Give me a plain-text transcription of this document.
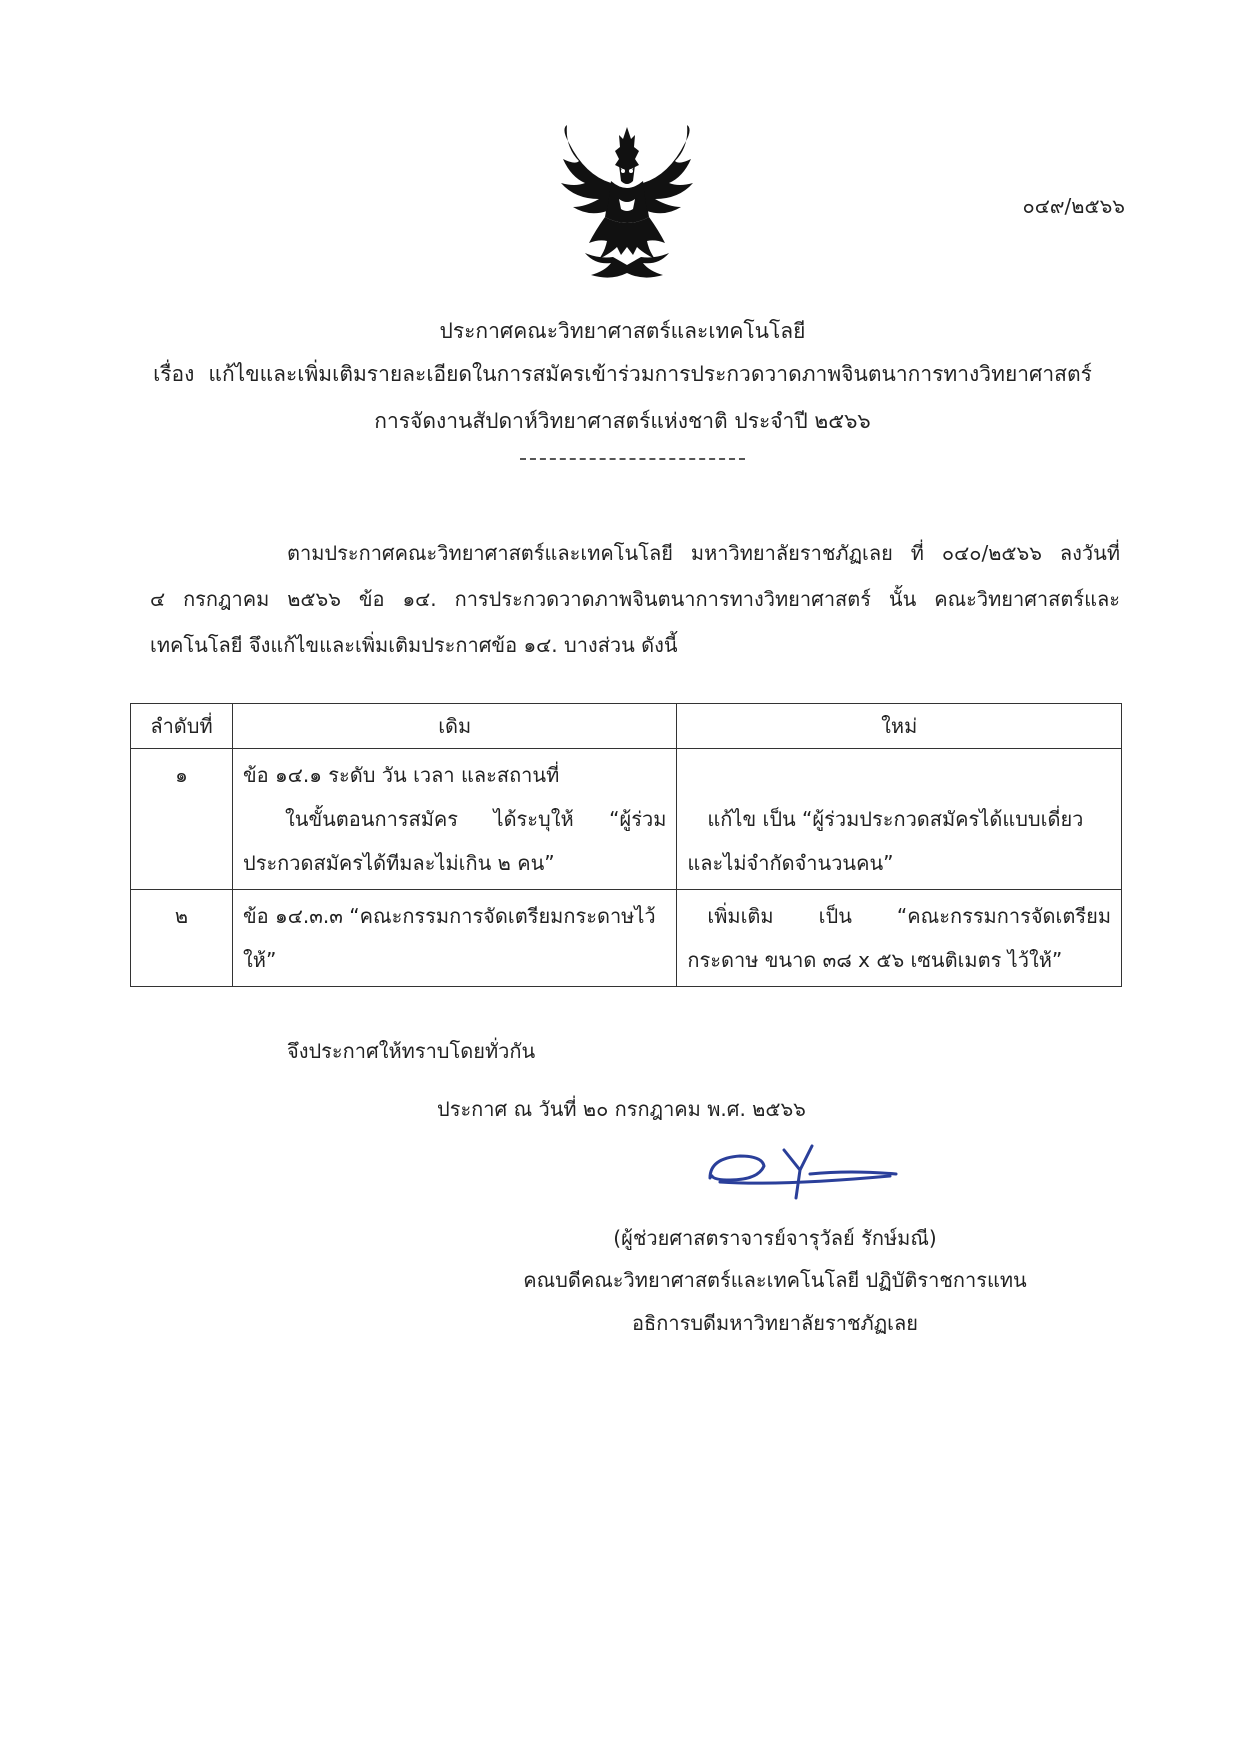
๐๔๙/๒๕๖๖
ประกาศคณะวิทยาศาสตร์และเทคโนโลยี
เรื่อง แก้ไขและเพิ่มเติมรายละเอียดในการสมัครเข้าร่วมการประกวดวาดภาพจินตนาการทางวิทยาศาสตร์
การจัดงานสัปดาห์วิทยาศาสตร์แห่งชาติ ประจำปี ๒๕๖๖
ตามประกาศคณะวิทยาศาสตร์และเทคโนโลยี มหาวิทยาลัยราชภัฏเลย ที่ ๐๔๐/๒๕๖๖ ลงวันที่
๔ กรกฎาคม ๒๕๖๖ ข้อ ๑๔. การประกวดวาดภาพจินตนาการทางวิทยาศาสตร์ นั้น คณะวิทยาศาสตร์และ
เทคโนโลยี จึงแก้ไขและเพิ่มเติมประกาศข้อ ๑๔. บางส่วน ดังนี้
ลำดับที่	เดิม	ใหม่
๑	ข้อ ๑๔.๑ ระดับ วัน เวลา และสถานที่
ในขั้นตอนการสมัคร ได้ระบุให้ “ผู้ร่วม
ประกวดสมัครได้ทีมละไม่เกิน ๒ คน”	แก้ไข เป็น “ผู้ร่วมประกวดสมัครได้แบบเดี่ยว
และไม่จำกัดจำนวนคน”

๒	ข้อ ๑๔.๓.๓ “คณะกรรมการจัดเตรียมกระดาษไว้
ให้”	เพิ่มเติม เป็น “คณะกรรมการจัดเตรียม
กระดาษ ขนาด ๓๘ x ๕๖ เซนติเมตร ไว้ให้”
จึงประกาศให้ทราบโดยทั่วกัน
ประกาศ ณ วันที่ ๒๐ กรกฎาคม พ.ศ. ๒๕๖๖
(ผู้ช่วยศาสตราจารย์จารุวัลย์ รักษ์มณี)
คณบดีคณะวิทยาศาสตร์และเทคโนโลยี ปฏิบัติราชการแทน
อธิการบดีมหาวิทยาลัยราชภัฏเลย
